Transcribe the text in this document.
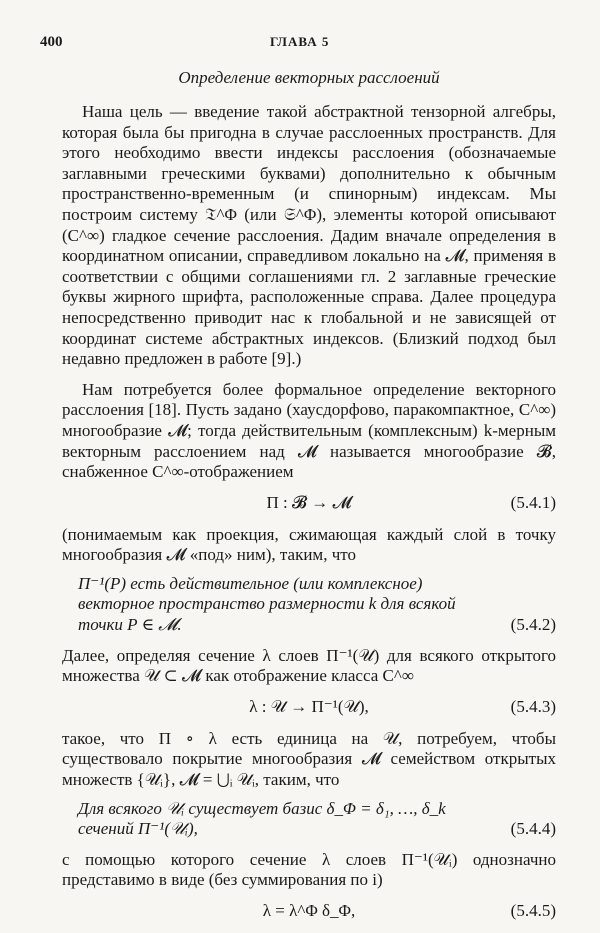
400	ГЛАВА 5
Определение векторных расслоений

Наша цель — введение такой абстрактной тензорной алгебры, которая была бы пригодна в случае расслоенных пространств. Для этого необходимо ввести индексы расслоения (обозначаемые заглавными греческими буквами) дополнительно к обычным пространственно-временным (и спинорным) индексам. Мы построим систему 𝔗^Φ (или 𝔖^Φ), элементы которой описывают (C^∞) гладкое сечение расслоения. Дадим вначале определения в координатном описании, справедливом локально на 𝓜, применяя в соответствии с общими соглашениями гл. 2 заглавные греческие буквы жирного шрифта, расположенные справа. Далее процедура непосредственно приводит нас к глобальной и не зависящей от координат системе абстрактных индексов. (Близкий подход был недавно предложен в работе [9].)

Нам потребуется более формальное определение векторного расслоения [18]. Пусть задано (хаусдорфово, паракомпактное, C^∞) многообразие 𝓜; тогда действительным (комплексным) k-мерным векторным расслоением над 𝓜 называется многообразие 𝓑, снабженное C^∞-отображением

Π : 𝓑 → 𝓜	(5.4.1)

(понимаемым как проекция, сжимающая каждый слой в точку многообразия 𝓜 «под» ним), таким, что

Π⁻¹(P) есть действительное (или комплексное) векторное пространство размерности k для всякой точки P ∈ 𝓜.	(5.4.2)

Далее, определяя сечение λ слоев Π⁻¹(𝒰) для всякого открытого множества 𝒰 ⊂ 𝓜 как отображение класса C^∞

λ : 𝒰 → Π⁻¹(𝒰),	(5.4.3)

такое, что Π ∘ λ есть единица на 𝒰, потребуем, чтобы существовало покрытие многообразия 𝓜 семейством открытых множеств {𝒰ᵢ}, 𝓜 = ⋃ᵢ 𝒰ᵢ, таким, что

Для всякого 𝒰ᵢ существует базис δ_Φ = δ₁, …, δ_k сечений Π⁻¹(𝒰ᵢ),	(5.4.4)

с помощью которого сечение λ слоев Π⁻¹(𝒰ᵢ) однозначно представимо в виде (без суммирования по i)

λ = λ^Φ δ_Φ,	(5.4.5)
